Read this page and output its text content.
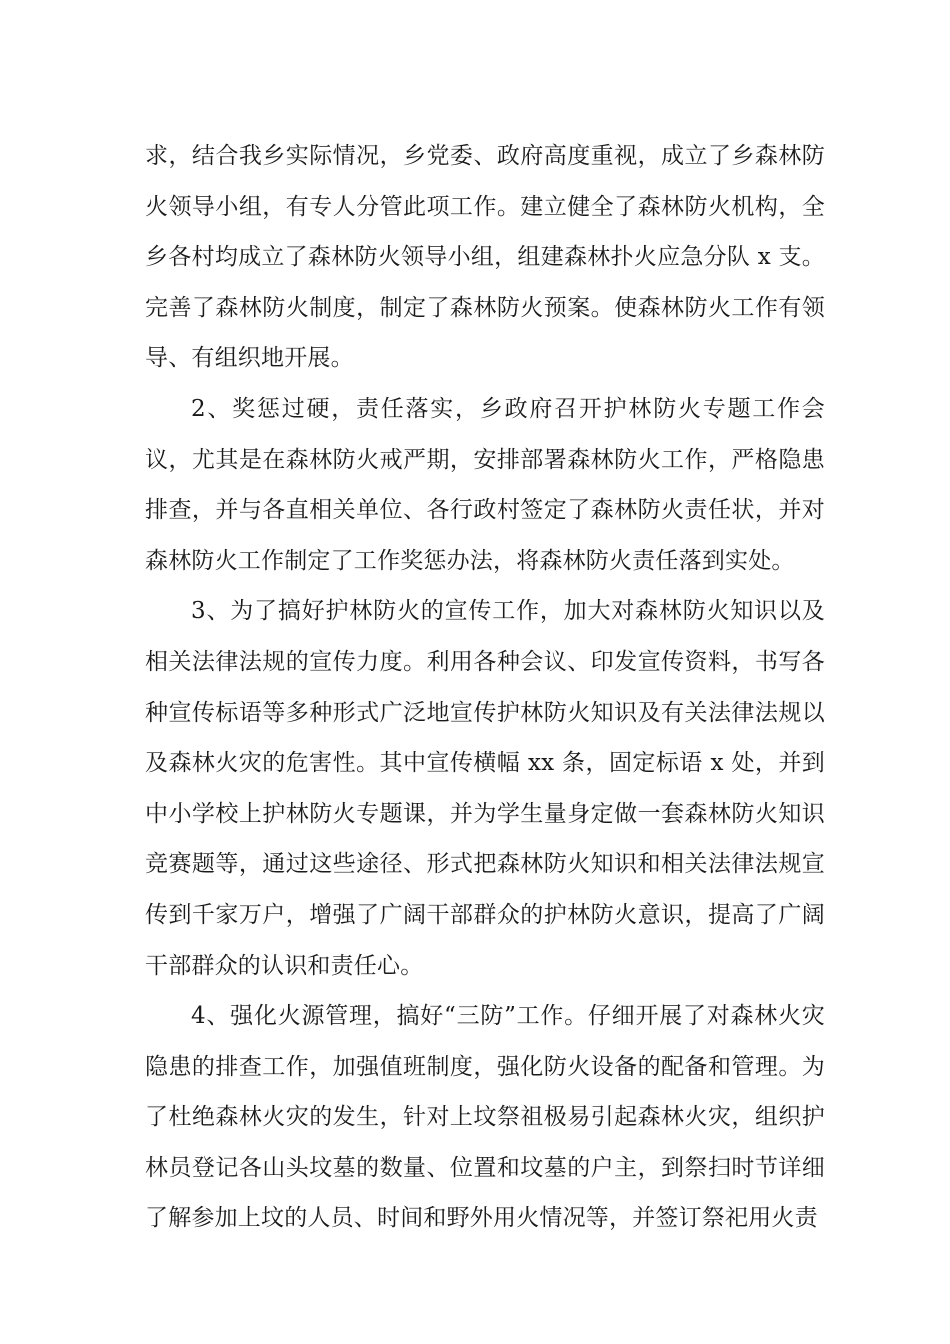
求，结合我乡实际情况，乡党委、政府高度重视，成立了乡森林防火领导小组，有专人分管此项工作。建立健全了森林防火机构，全乡各村均成立了森林防火领导小组，组建森林扑火应急分队 x 支。完善了森林防火制度，制定了森林防火预案。使森林防火工作有领导、有组织地开展。

2、奖惩过硬，责任落实，乡政府召开护林防火专题工作会议，尤其是在森林防火戒严期，安排部署森林防火工作，严格隐患排查，并与各直相关单位、各行政村签定了森林防火责任状，并对森林防火工作制定了工作奖惩办法，将森林防火责任落到实处。

3、为了搞好护林防火的宣传工作，加大对森林防火知识以及相关法律法规的宣传力度。利用各种会议、印发宣传资料，书写各种宣传标语等多种形式广泛地宣传护林防火知识及有关法律法规以及森林火灾的危害性。其中宣传横幅 xx 条，固定标语 x 处，并到中小学校上护林防火专题课，并为学生量身定做一套森林防火知识竞赛题等，通过这些途径、形式把森林防火知识和相关法律法规宣传到千家万户，增强了广阔干部群众的护林防火意识，提高了广阔干部群众的认识和责任心。

4、强化火源管理，搞好“三防”工作。仔细开展了对森林火灾隐患的排查工作，加强值班制度，强化防火设备的配备和管理。为了杜绝森林火灾的发生，针对上坟祭祖极易引起森林火灾，组织护林员登记各山头坟墓的数量、位置和坟墓的户主，到祭扫时节详细了解参加上坟的人员、时间和野外用火情况等，并签订祭祀用火责
